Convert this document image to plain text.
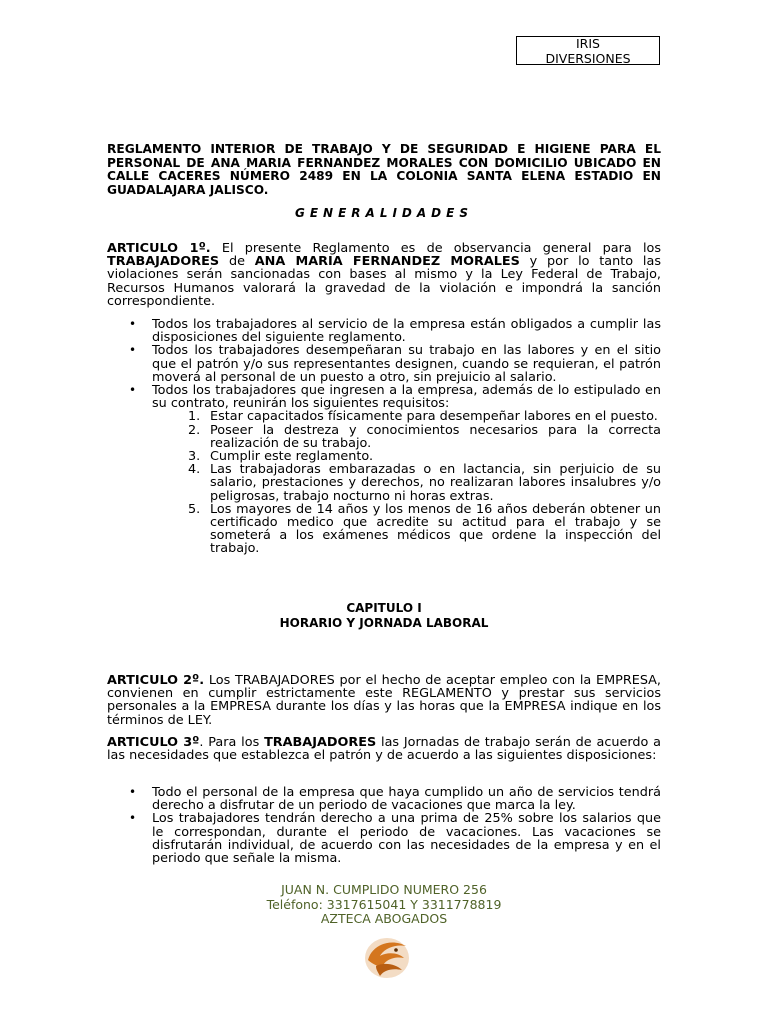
IRIS
DIVERSIONES
REGLAMENTO INTERIOR DE TRABAJO Y DE SEGURIDAD E HIGIENE PARA EL PERSONAL DE ANA MARIA FERNANDEZ MORALES CON DOMICILIO UBICADO EN CALLE CACERES NÚMERO 2489 EN LA COLONIA SANTA ELENA ESTADIO EN GUADALAJARA JALISCO.
GENERALIDADES
ARTICULO 1º. El presente Reglamento es de observancia general para los TRABAJADORES de ANA MARIA FERNANDEZ MORALES y por lo tanto las violaciones serán sancionadas con bases al mismo y la Ley Federal de Trabajo, Recursos Humanos valorará la gravedad de la violación e impondrá la sanción correspondiente.
• Todos los trabajadores al servicio de la empresa están obligados a cumplir las disposiciones del siguiente reglamento.
• Todos los trabajadores desempeñaran su trabajo en las labores y en el sitio que el patrón y/o sus representantes designen, cuando se requieran, el patrón moverá al personal de un puesto a otro, sin prejuicio al salario.
• Todos los trabajadores que ingresen a la empresa, además de lo estipulado en su contrato, reunirán los siguientes requisitos:
1. Estar capacitados físicamente para desempeñar labores en el puesto.
2. Poseer la destreza y conocimientos necesarios para la correcta realización de su trabajo.
3. Cumplir este reglamento.
4. Las trabajadoras embarazadas o en lactancia, sin perjuicio de su salario, prestaciones y derechos, no realizaran labores insalubres y/o peligrosas, trabajo nocturno ni horas extras.
5. Los mayores de 14 años y los menos de 16 años deberán obtener un certificado medico que acredite su actitud para el trabajo y se someterá a los exámenes médicos que ordene la inspección del trabajo.
CAPITULO I
HORARIO Y JORNADA LABORAL
ARTICULO 2º. Los TRABAJADORES por el hecho de aceptar empleo con la EMPRESA, convienen en cumplir estrictamente este REGLAMENTO y prestar sus servicios personales a la EMPRESA durante los días y las horas que la EMPRESA indique en los términos de LEY.
ARTICULO 3º. Para los TRABAJADORES las Jornadas de trabajo serán de acuerdo a las necesidades que establezca el patrón y de acuerdo a las siguientes disposiciones:
• Todo el personal de la empresa que haya cumplido un año de servicios tendrá derecho a disfrutar de un periodo de vacaciones que marca la ley.
• Los trabajadores tendrán derecho a una prima de 25% sobre los salarios que le correspondan, durante el periodo de vacaciones. Las vacaciones se disfrutarán individual, de acuerdo con las necesidades de la empresa y en el periodo que señale la misma.
JUAN N. CUMPLIDO NUMERO 256
Teléfono: 3317615041 Y 3311778819
AZTECA ABOGADOS
